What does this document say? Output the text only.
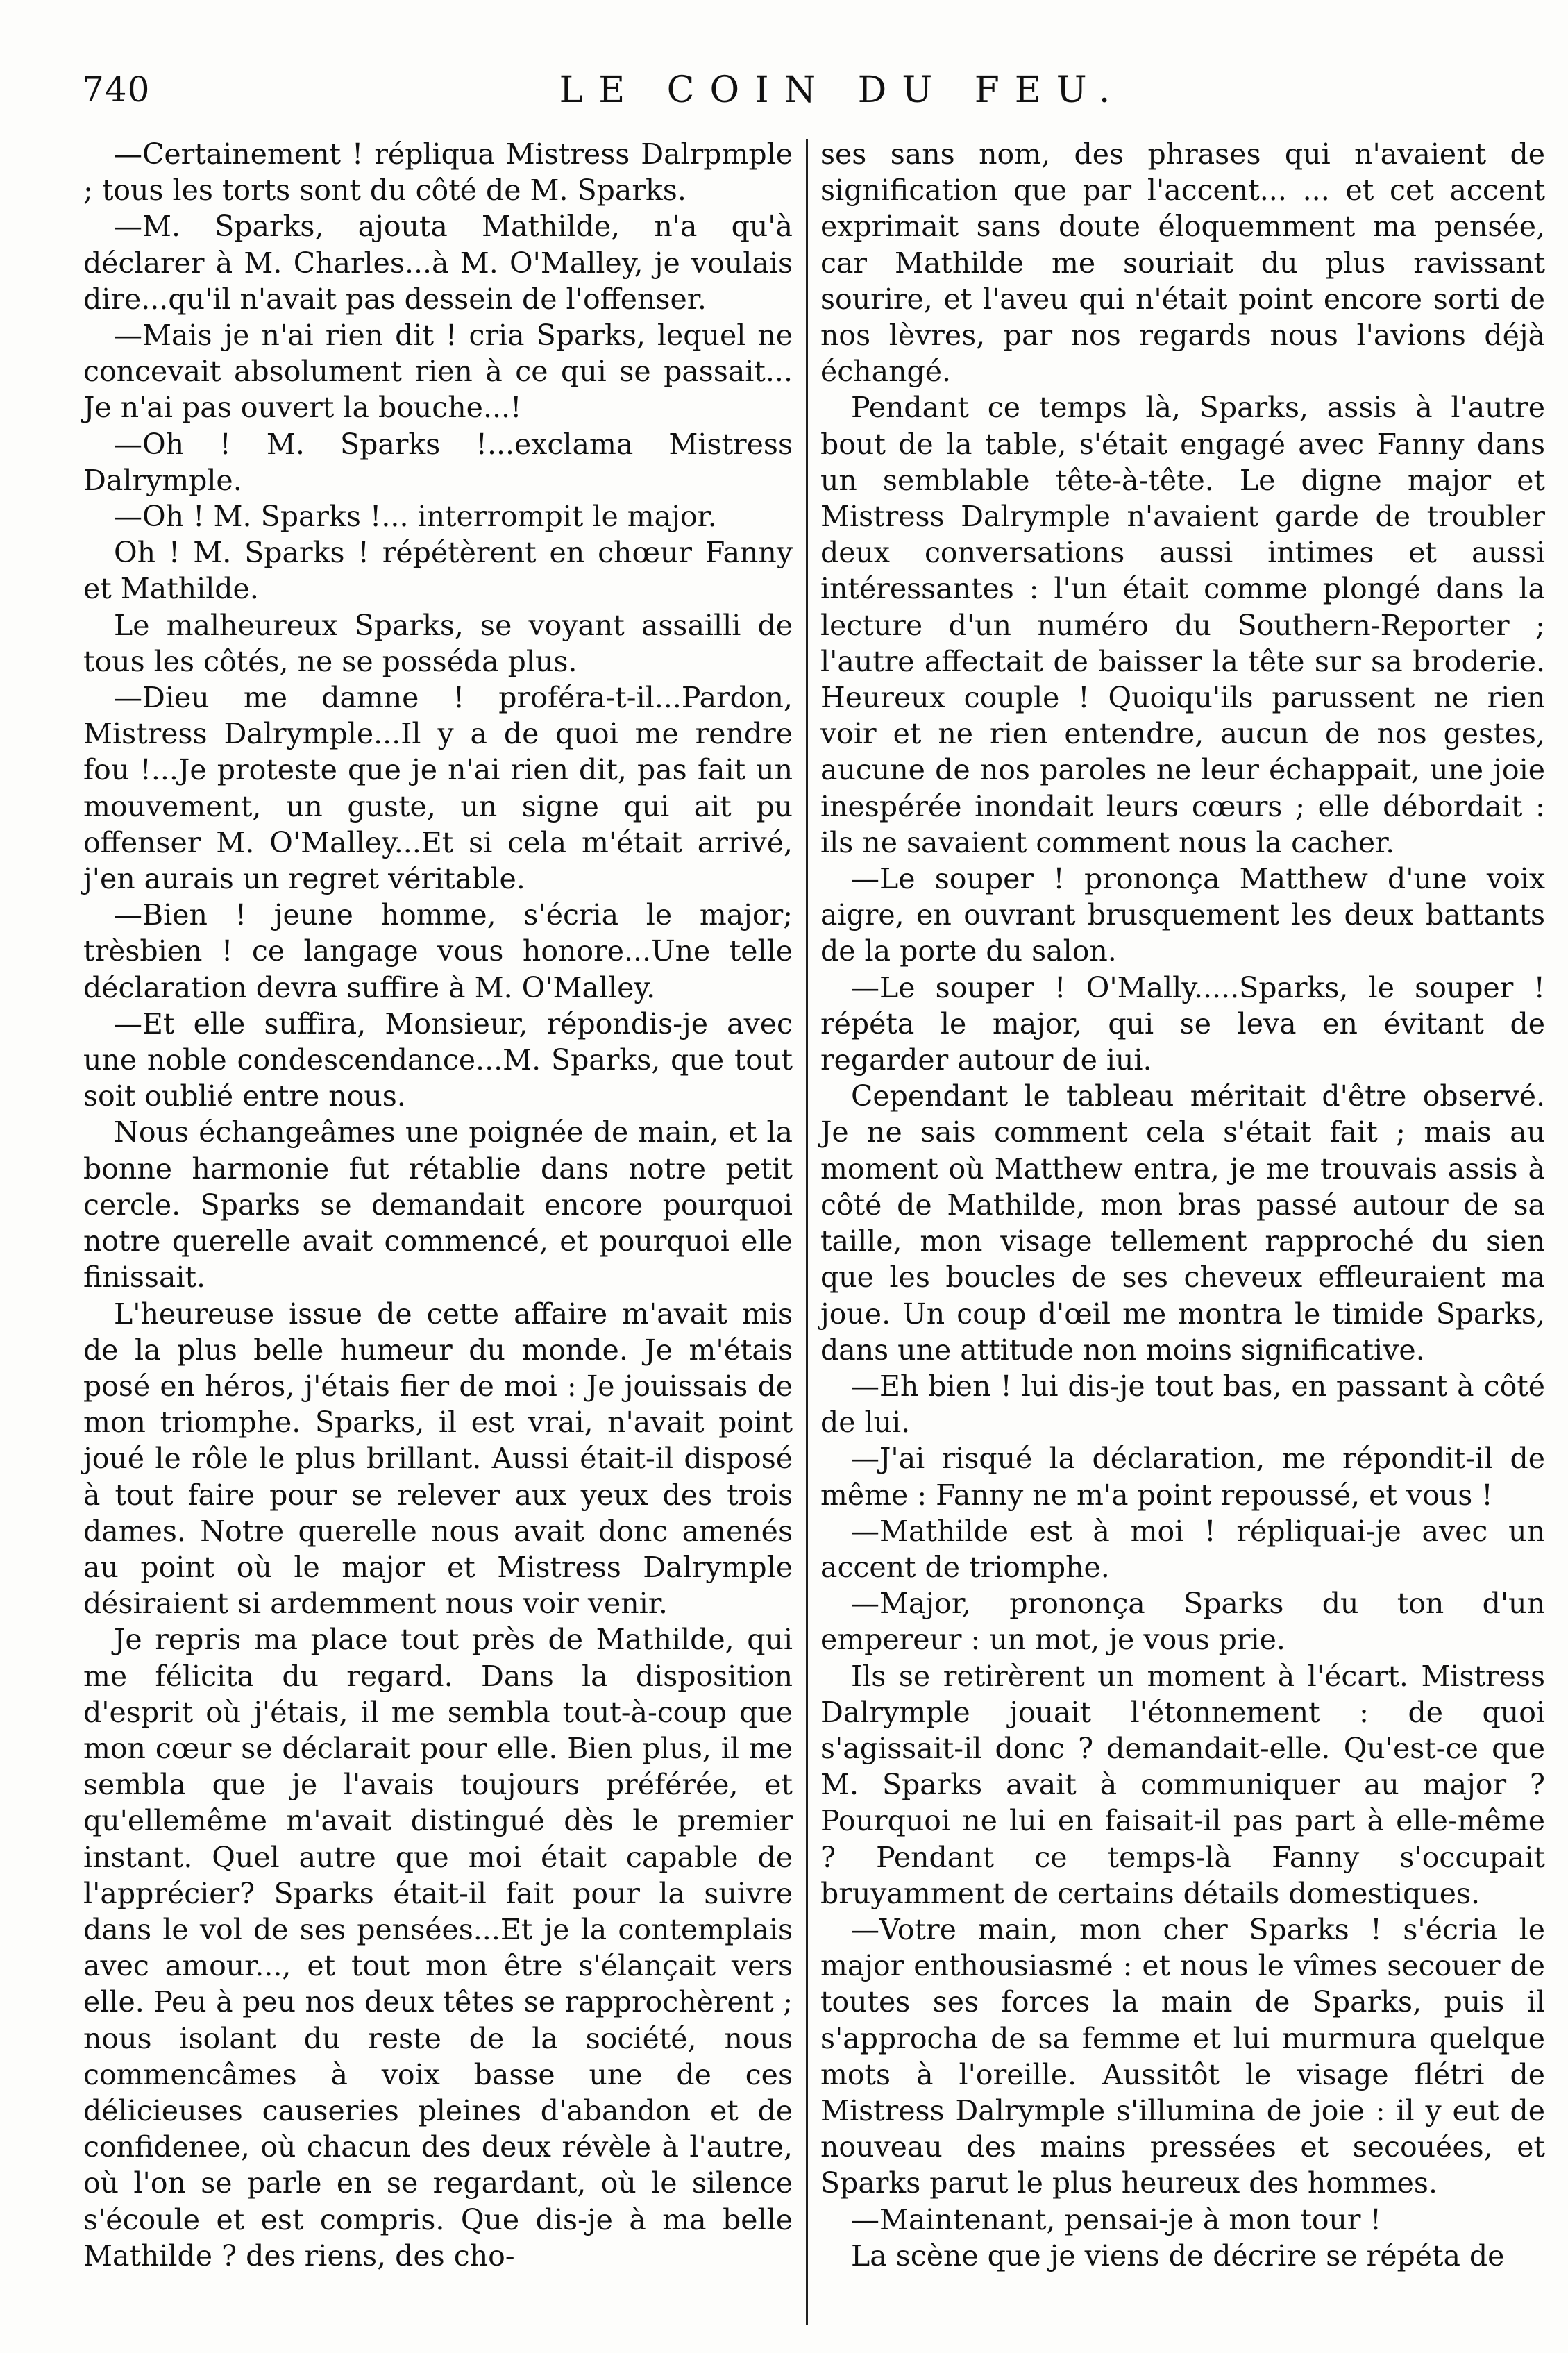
740	LE COIN DU FEU.

—Certainement ! répliqua Mistress Dalrpmple ; tous les torts sont du côté de M. Sparks.

—M. Sparks, ajouta Mathilde, n'a qu'à déclarer à M. Charles...à M. O'Malley, je voulais dire...qu'il n'avait pas dessein de l'offenser.

—Mais je n'ai rien dit ! cria Sparks, lequel ne concevait absolument rien à ce qui se passait... Je n'ai pas ouvert la bouche...!

—Oh ! M. Sparks !...exclama Mistress Dalrymple.

—Oh ! M. Sparks !... interrompit le major.

Oh ! M. Sparks ! répétèrent en chœur Fanny et Mathilde.

Le malheureux Sparks, se voyant assailli de tous les côtés, ne se posséda plus.

—Dieu me damne ! proféra-t-il...Pardon, Mistress Dalrymple...Il y a de quoi me rendre fou !...Je proteste que je n'ai rien dit, pas fait un mouvement, un guste, un signe qui ait pu offenser M. O'Malley...Et si cela m'était arrivé, j'en aurais un regret véritable.

—Bien ! jeune homme, s'écria le major; trèsbien ! ce langage vous honore...Une telle déclaration devra suffire à M. O'Malley.

—Et elle suffira, Monsieur, répondis-je avec une noble condescendance...M. Sparks, que tout soit oublié entre nous.

Nous échangeâmes une poignée de main, et la bonne harmonie fut rétablie dans notre petit cercle. Sparks se demandait encore pourquoi notre querelle avait commencé, et pourquoi elle finissait.

L'heureuse issue de cette affaire m'avait mis de la plus belle humeur du monde. Je m'étais posé en héros, j'étais fier de moi : Je jouissais de mon triomphe. Sparks, il est vrai, n'avait point joué le rôle le plus brillant. Aussi était-il disposé à tout faire pour se relever aux yeux des trois dames. Notre querelle nous avait donc amenés au point où le major et Mistress Dalrymple désiraient si ardemment nous voir venir.

Je repris ma place tout près de Mathilde, qui me félicita du regard. Dans la disposition d'esprit où j'étais, il me sembla tout-à-coup que mon cœur se déclarait pour elle. Bien plus, il me sembla que je l'avais toujours préférée, et qu'ellemême m'avait distingué dès le premier instant. Quel autre que moi était capable de l'apprécier? Sparks était-il fait pour la suivre dans le vol de ses pensées...Et je la contemplais avec amour..., et tout mon être s'élançait vers elle. Peu à peu nos deux têtes se rapprochèrent ; nous isolant du reste de la société, nous commencâmes à voix basse une de ces délicieuses causeries pleines d'abandon et de confidenee, où chacun des deux révèle à l'autre, où l'on se parle en se regardant, où le silence s'écoule et est compris. Que dis-je à ma belle Mathilde ? des riens, des cho-

ses sans nom, des phrases qui n'avaient de signification que par l'accent... ... et cet accent exprimait sans doute éloquemment ma pensée, car Mathilde me souriait du plus ravissant sourire, et l'aveu qui n'était point encore sorti de nos lèvres, par nos regards nous l'avions déjà échangé.

Pendant ce temps là, Sparks, assis à l'autre bout de la table, s'était engagé avec Fanny dans un semblable tête-à-tête. Le digne major et Mistress Dalrymple n'avaient garde de troubler deux conversations aussi intimes et aussi intéressantes : l'un était comme plongé dans la lecture d'un numéro du Southern-Reporter ; l'autre affectait de baisser la tête sur sa broderie. Heureux couple ! Quoiqu'ils parussent ne rien voir et ne rien entendre, aucun de nos gestes, aucune de nos paroles ne leur échappait, une joie inespérée inondait leurs cœurs ; elle débordait : ils ne savaient comment nous la cacher.

—Le souper ! prononça Matthew d'une voix aigre, en ouvrant brusquement les deux battants de la porte du salon.

—Le souper ! O'Mally.....Sparks, le souper ! répéta le major, qui se leva en évitant de regarder autour de iui.

Cependant le tableau méritait d'être observé. Je ne sais comment cela s'était fait ; mais au moment où Matthew entra, je me trouvais assis à côté de Mathilde, mon bras passé autour de sa taille, mon visage tellement rapproché du sien que les boucles de ses cheveux effleuraient ma joue. Un coup d'œil me montra le timide Sparks, dans une attitude non moins significative.

—Eh bien ! lui dis-je tout bas, en passant à côté de lui.

—J'ai risqué la déclaration, me répondit-il de même : Fanny ne m'a point repoussé, et vous !

—Mathilde est à moi ! répliquai-je avec un accent de triomphe.

—Major, prononça Sparks du ton d'un empereur : un mot, je vous prie.

Ils se retirèrent un moment à l'écart. Mistress Dalrymple jouait l'étonnement : de quoi s'agissait-il donc ? demandait-elle. Qu'est-ce que M. Sparks avait à communiquer au major ? Pourquoi ne lui en faisait-il pas part à elle-même ? Pendant ce temps-là Fanny s'occupait bruyamment de certains détails domestiques.

—Votre main, mon cher Sparks ! s'écria le major enthousiasmé : et nous le vîmes secouer de toutes ses forces la main de Sparks, puis il s'approcha de sa femme et lui murmura quelque mots à l'oreille. Aussitôt le visage flétri de Mistress Dalrymple s'illumina de joie : il y eut de nouveau des mains pressées et secouées, et Sparks parut le plus heureux des hommes.

—Maintenant, pensai-je à mon tour !

La scène que je viens de décrire se répéta de
